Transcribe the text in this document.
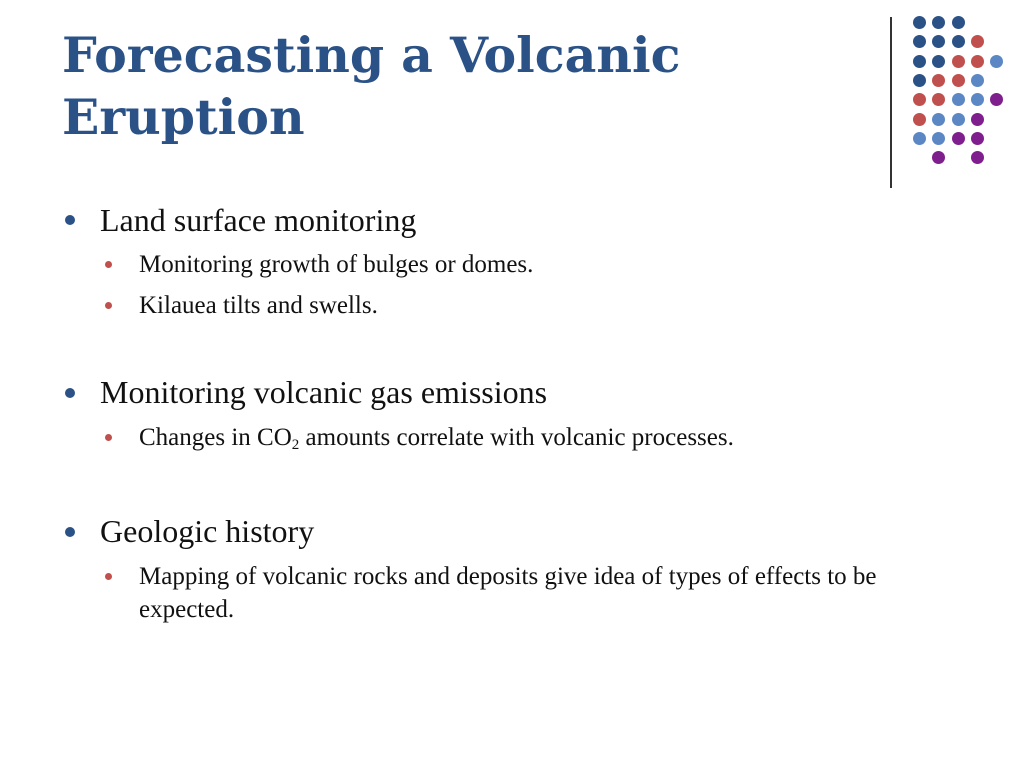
Forecasting a Volcanic
Eruption
Land surface monitoring
Monitoring growth of bulges or domes.
Kilauea tilts and swells.
Monitoring volcanic gas emissions
Changes in $CO_2$ amounts correlate with volcanic processes.
Geologic history
Mapping of volcanic rocks and deposits give idea of types of effects to be expected.
